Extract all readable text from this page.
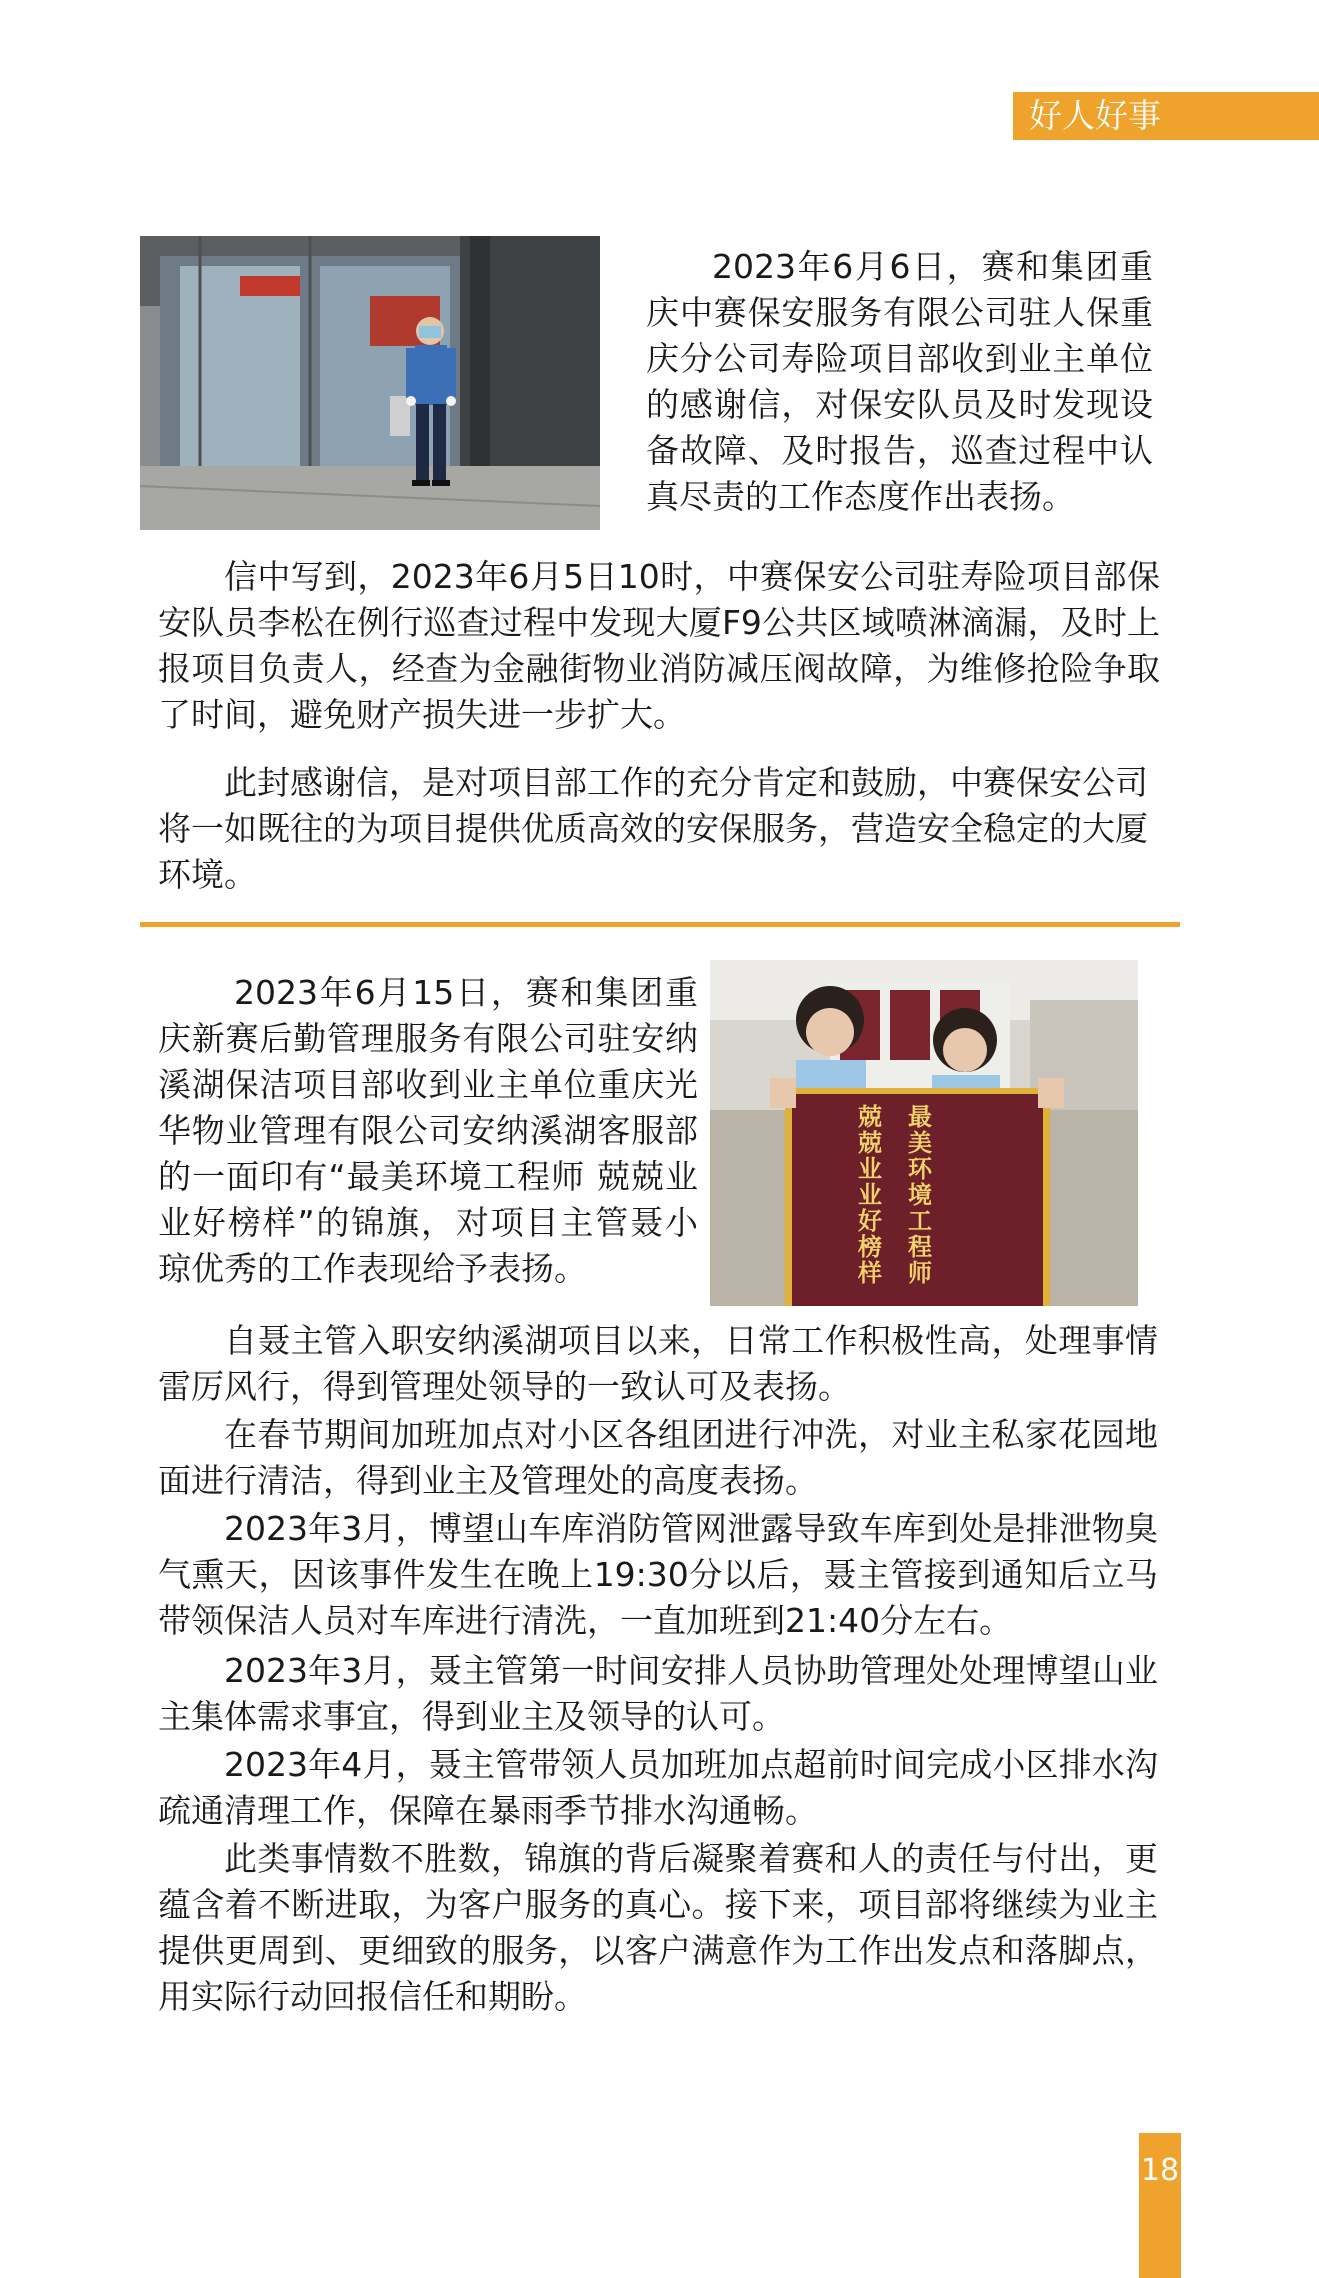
好人好事

2023年6月6日，赛和集团重庆中赛保安服务有限公司驻人保重庆分公司寿险项目部收到业主单位的感谢信，对保安队员及时发现设备故障、及时报告，巡查过程中认真尽责的工作态度作出表扬。

信中写到，2023年6月5日10时，中赛保安公司驻寿险项目部保安队员李松在例行巡查过程中发现大厦F9公共区域喷淋滴漏，及时上报项目负责人，经查为金融街物业消防减压阀故障，为维修抢险争取了时间，避免财产损失进一步扩大。

此封感谢信，是对项目部工作的充分肯定和鼓励，中赛保安公司将一如既往的为项目提供优质高效的安保服务，营造安全稳定的大厦环境。

2023年6月15日，赛和集团重庆新赛后勤管理服务有限公司驻安纳溪湖保洁项目部收到业主单位重庆光华物业管理有限公司安纳溪湖客服部的一面印有“最美环境工程师 兢兢业业好榜样”的锦旗，对项目主管聂小琼优秀的工作表现给予表扬。

最美环境工程师
兢兢业业好榜样

自聂主管入职安纳溪湖项目以来，日常工作积极性高，处理事情雷厉风行，得到管理处领导的一致认可及表扬。

在春节期间加班加点对小区各组团进行冲洗，对业主私家花园地面进行清洁，得到业主及管理处的高度表扬。

2023年3月，博望山车库消防管网泄露导致车库到处是排泄物臭气熏天，因该事件发生在晚上19:30分以后，聂主管接到通知后立马带领保洁人员对车库进行清洗，一直加班到21:40分左右。

2023年3月，聂主管第一时间安排人员协助管理处处理博望山业主集体需求事宜，得到业主及领导的认可。

2023年4月，聂主管带领人员加班加点超前时间完成小区排水沟疏通清理工作，保障在暴雨季节排水沟通畅。

此类事情数不胜数，锦旗的背后凝聚着赛和人的责任与付出，更蕴含着不断进取，为客户服务的真心。接下来，项目部将继续为业主提供更周到、更细致的服务，以客户满意作为工作出发点和落脚点，用实际行动回报信任和期盼。

18
